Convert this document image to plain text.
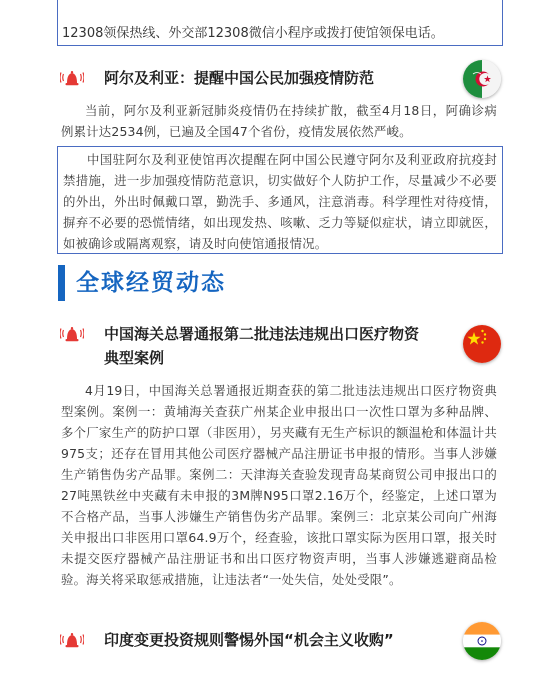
12308领保热线、外交部12308微信小程序或拨打使馆领保电话。
阿尔及利亚：提醒中国公民加强疫情防范
当前，阿尔及利亚新冠肺炎疫情仍在持续扩散，截至4月18日，阿确诊病例累计达2534例，已遍及全国47个省份，疫情发展依然严峻。
中国驻阿尔及利亚使馆再次提醒在阿中国公民遵守阿尔及利亚政府抗疫封禁措施，进一步加强疫情防范意识，切实做好个人防护工作，尽量减少不必要的外出，外出时佩戴口罩，勤洗手、多通风，注意消毒。科学理性对待疫情，摒弃不必要的恐慌情绪，如出现发热、咳嗽、乏力等疑似症状，请立即就医，如被确诊或隔离观察，请及时向使馆通报情况。
全球经贸动态
中国海关总署通报第二批违法违规出口医疗物资
典型案例
4月19日，中国海关总署通报近期查获的第二批违法违规出口医疗物资典型案例。案例一：黄埔海关查获广州某企业申报出口一次性口罩为多种品牌、多个厂家生产的防护口罩（非医用），另夹藏有无生产标识的额温枪和体温计共975支；还存在冒用其他公司医疗器械产品注册证书申报的情形。当事人涉嫌生产销售伪劣产品罪。案例二：天津海关查验发现青岛某商贸公司申报出口的27吨黑铁丝中夹藏有未申报的3M牌N95口罩2.16万个，经鉴定，上述口罩为不合格产品，当事人涉嫌生产销售伪劣产品罪。案例三：北京某公司向广州海关申报出口非医用口罩64.9万个，经查验，该批口罩实际为医用口罩，报关时未提交医疗器械产品注册证书和出口医疗物资声明，当事人涉嫌逃避商品检验。海关将采取惩戒措施，让违法者“一处失信，处处受限”。
印度变更投资规则警惕外国“机会主义收购”
